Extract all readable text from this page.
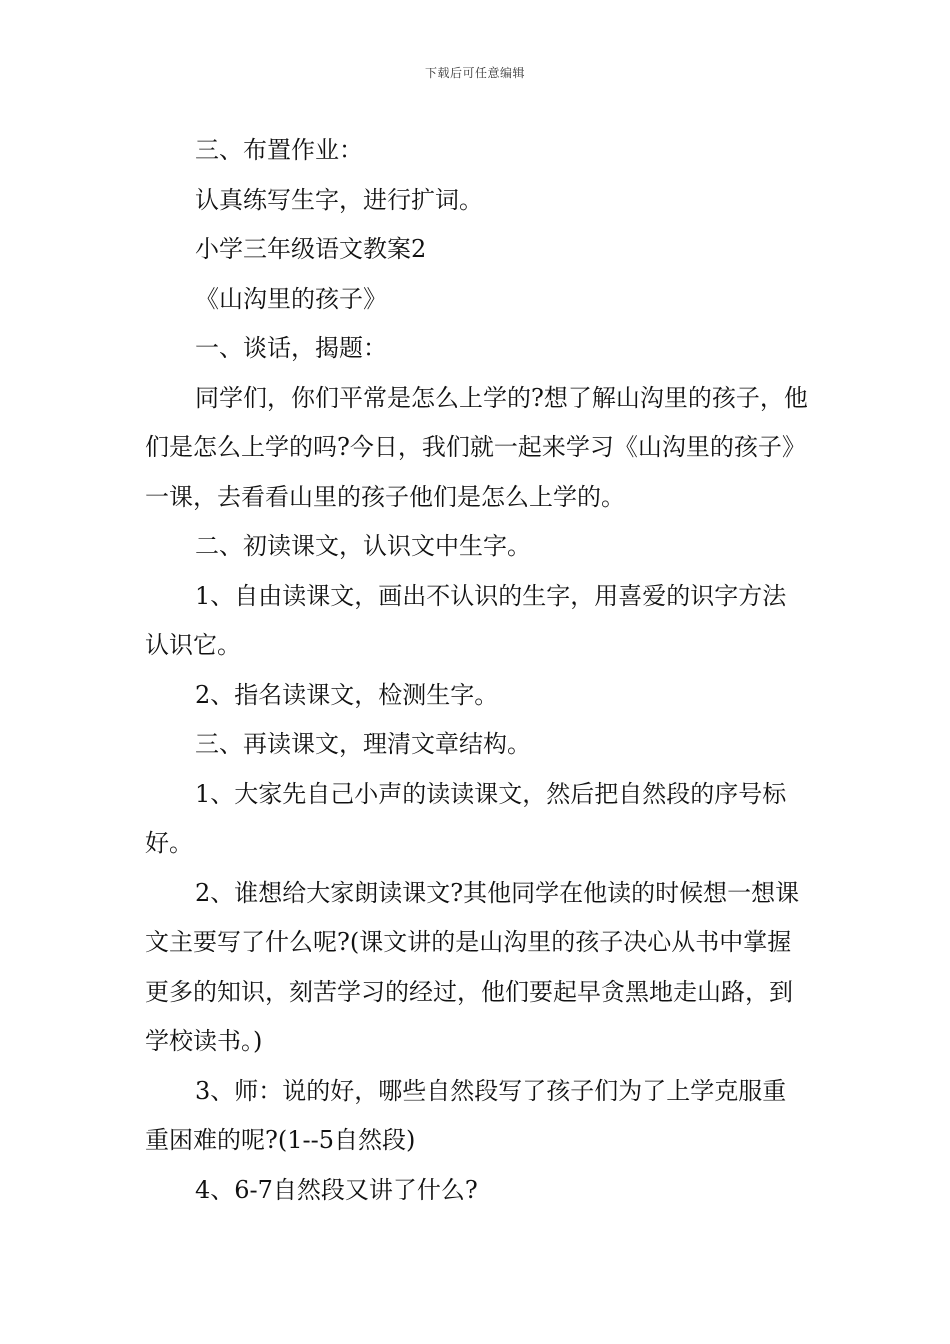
下载后可任意编辑

三、布置作业：

认真练写生字，进行扩词。

小学三年级语文教案2

《山沟里的孩子》

一、谈话，揭题：

同学们，你们平常是怎么上学的?想了解山沟里的孩子，他们是怎么上学的吗?今日，我们就一起来学习《山沟里的孩子》一课，去看看山里的孩子他们是怎么上学的。

二、初读课文，认识文中生字。

1、自由读课文，画出不认识的生字，用喜爱的识字方法认识它。

2、指名读课文，检测生字。

三、再读课文，理清文章结构。

1、大家先自己小声的读读课文，然后把自然段的序号标好。

2、谁想给大家朗读课文?其他同学在他读的时候想一想课文主要写了什么呢?(课文讲的是山沟里的孩子决心从书中掌握更多的知识，刻苦学习的经过，他们要起早贪黑地走山路，到学校读书。)

3、师：说的好，哪些自然段写了孩子们为了上学克服重重困难的呢?(1--5自然段)

4、6-7自然段又讲了什么?
